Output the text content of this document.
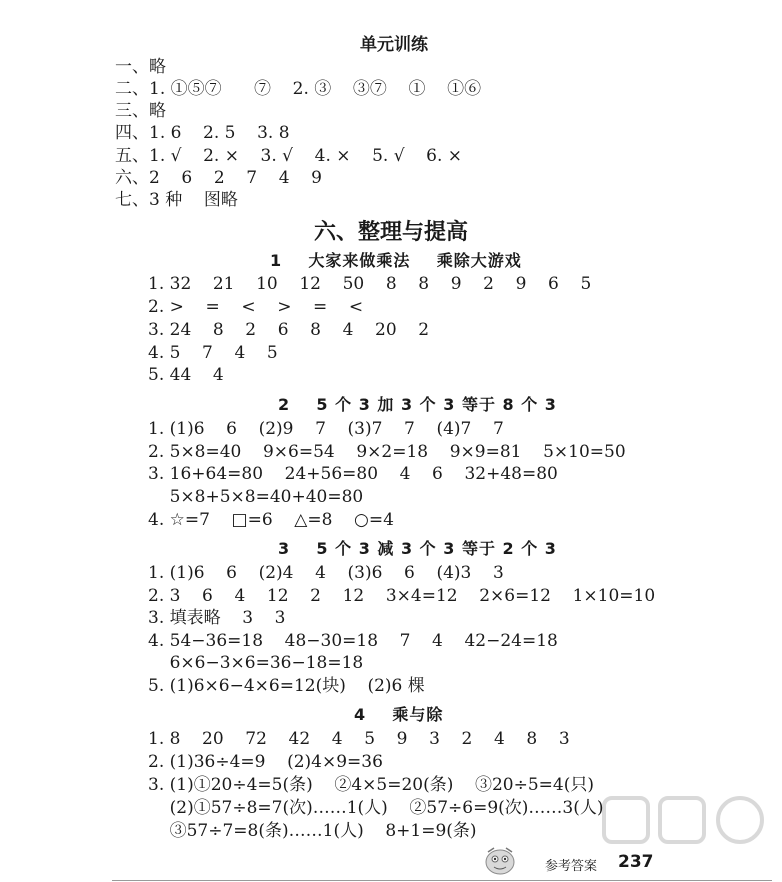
单元训练
一、略
二、1. ①⑤⑦      ⑦    2. ③    ③⑦    ①    ①⑥
三、略
四、1. 6    2. 5    3. 8
五、1. √    2. ×    3. √    4. ×    5. √    6. ×
六、2    6    2    7    4    9
七、3 种    图略
六、整理与提高
1    大家来做乘法    乘除大游戏
1. 32    21    10    12    50    8    8    9    2    9    6    5
2. >    =    <    >    =    <
3. 24    8    2    6    8    4    20    2
4. 5    7    4    5
5. 44    4
2    5 个 3 加 3 个 3 等于 8 个 3
1. (1)6    6    (2)9    7    (3)7    7    (4)7    7
2. 5×8=40    9×6=54    9×2=18    9×9=81    5×10=50
3. 16+64=80    24+56=80    4    6    32+48=80
5×8+5×8=40+40=80
4. ☆=7    □=6    △=8    ○=4
3    5 个 3 减 3 个 3 等于 2 个 3
1. (1)6    6    (2)4    4    (3)6    6    (4)3    3
2. 3    6    4    12    2    12    3×4=12    2×6=12    1×10=10
3. 填表略    3    3
4. 54−36=18    48−30=18    7    4    42−24=18
6×6−3×6=36−18=18
5. (1)6×6−4×6=12(块)    (2)6 棵
4    乘与除
1. 8    20    72    42    4    5    9    3    2    4    8    3
2. (1)36÷4=9    (2)4×9=36
3. (1)①20÷4=5(条)    ②4×5=20(条)    ③20÷5=4(只)
(2)①57÷8=7(次)……1(人)    ②57÷6=9(次)……3(人)
③57÷7=8(条)……1(人)    8+1=9(条)
参考答案 237
